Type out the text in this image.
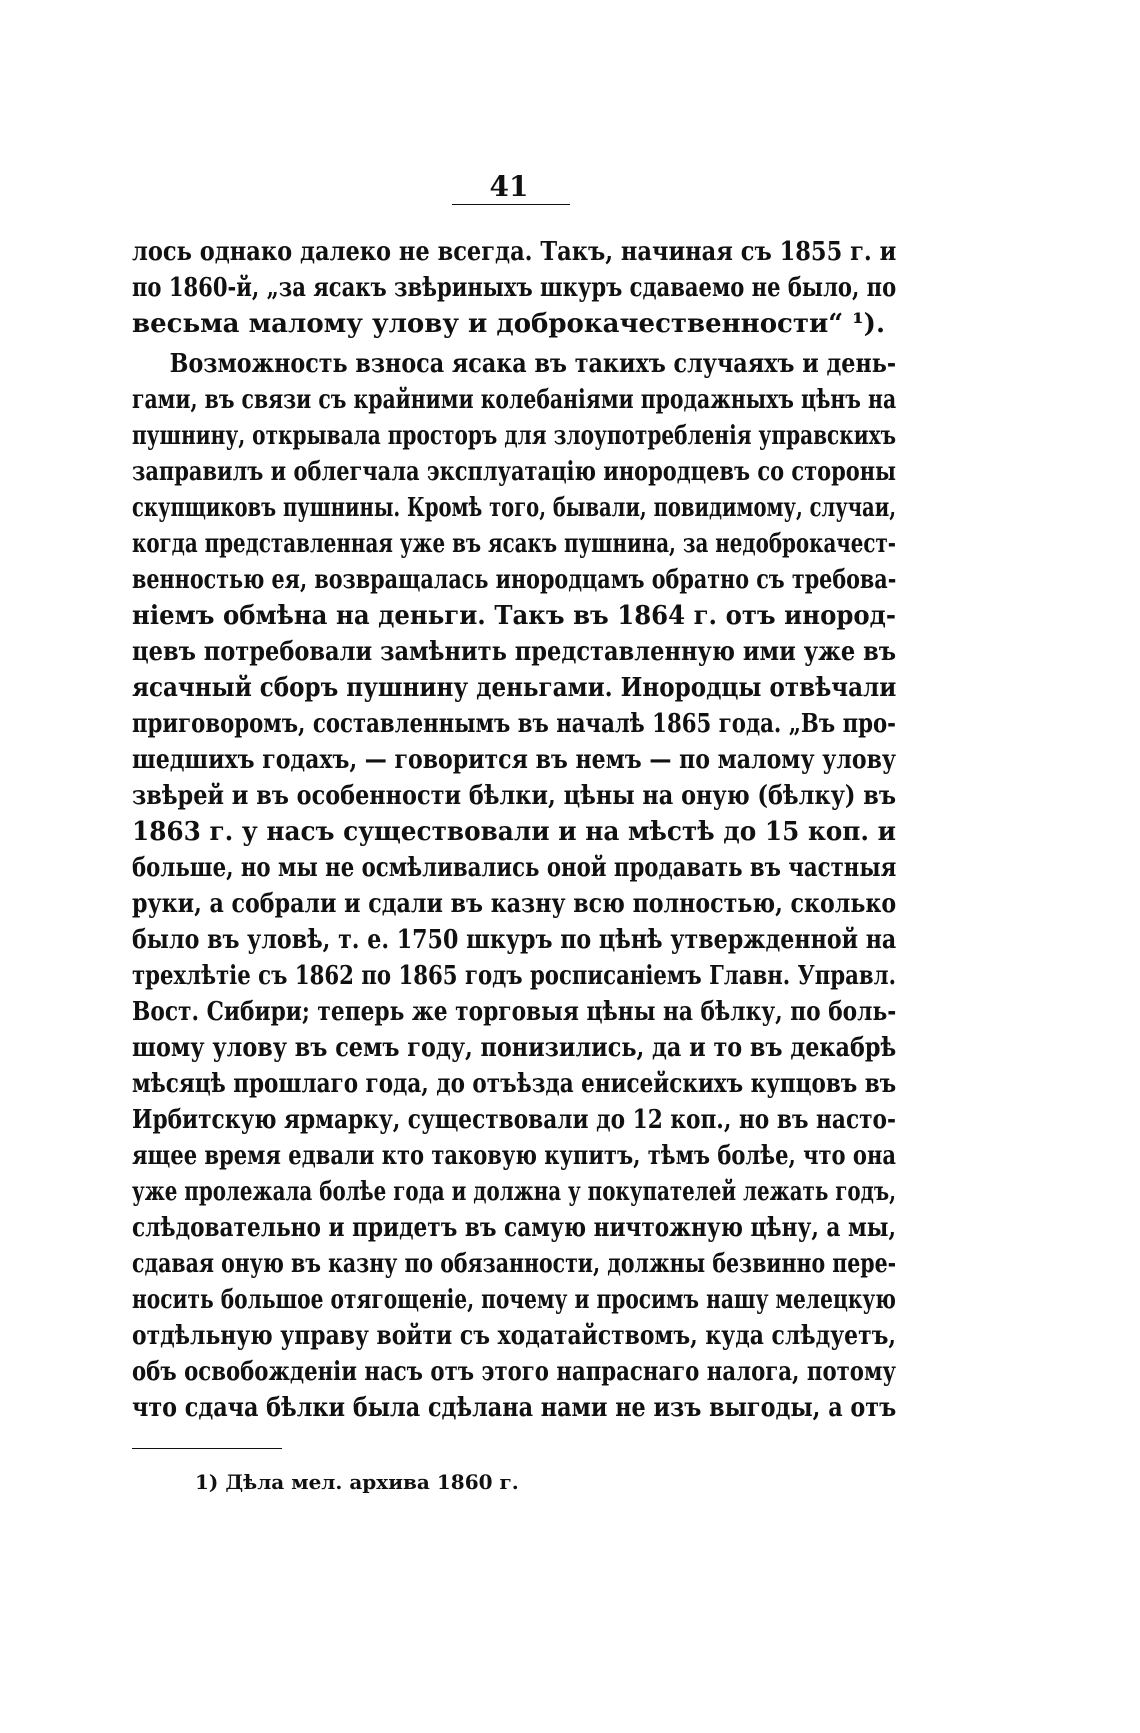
41
лось однако далеко не всегда. Такъ, начиная съ 1855 г. и
по 1860-й, „за ясакъ звѣриныхъ шкуръ сдаваемо не было, по
весьма малому улову и доброкачественности“ ¹).
Возможность взноса ясака въ такихъ случаяхъ и день-
гами, въ связи съ крайними колебаніями продажныхъ цѣнъ на
пушнину, открывала просторъ для злоупотребленія управскихъ
заправилъ и облегчала эксплуатацію инородцевъ со стороны
скупщиковъ пушнины. Кромѣ того, бывали, повидимому, случаи,
когда представленная уже въ ясакъ пушнина, за недоброкачест-
венностью ея, возвращалась инородцамъ обратно съ требова-
ніемъ обмѣна на деньги. Такъ въ 1864 г. отъ инород-
цевъ потребовали замѣнить представленную ими уже въ
ясачный сборъ пушнину деньгами. Инородцы отвѣчали
приговоромъ, составленнымъ въ началѣ 1865 года. „Въ про-
шедшихъ годахъ, — говорится въ немъ — по малому улову
звѣрей и въ особенности бѣлки, цѣны на оную (бѣлку) въ
1863 г. у насъ существовали и на мѣстѣ до 15 коп. и
больше, но мы не осмѣливались оной продавать въ частныя
руки, а собрали и сдали въ казну всю полностью, сколько
было въ уловѣ, т. е. 1750 шкуръ по цѣнѣ утвержденной на
трехлѣтіе съ 1862 по 1865 годъ росписаніемъ Главн. Управл.
Вост. Сибири; теперь же торговыя цѣны на бѣлку, по боль-
шому улову въ семъ году, понизились, да и то въ декабрѣ
мѣсяцѣ прошлаго года, до отъѣзда енисейскихъ купцовъ въ
Ирбитскую ярмарку, существовали до 12 коп., но въ насто-
ящее время едвали кто таковую купитъ, тѣмъ болѣе, что она
уже пролежала болѣе года и должна у покупателей лежать годъ,
слѣдовательно и придетъ въ самую ничтожную цѣну, а мы,
сдавая оную въ казну по обязанности, должны безвинно пере-
носить большое отягощеніе, почему и просимъ нашу мелецкую
отдѣльную управу войти съ ходатайствомъ, куда слѣдуетъ,
объ освобожденіи насъ отъ этого напраснаго налога, потому
что сдача бѣлки была сдѣлана нами не изъ выгоды, а отъ
1) Дѣла мел. архива 1860 г.
